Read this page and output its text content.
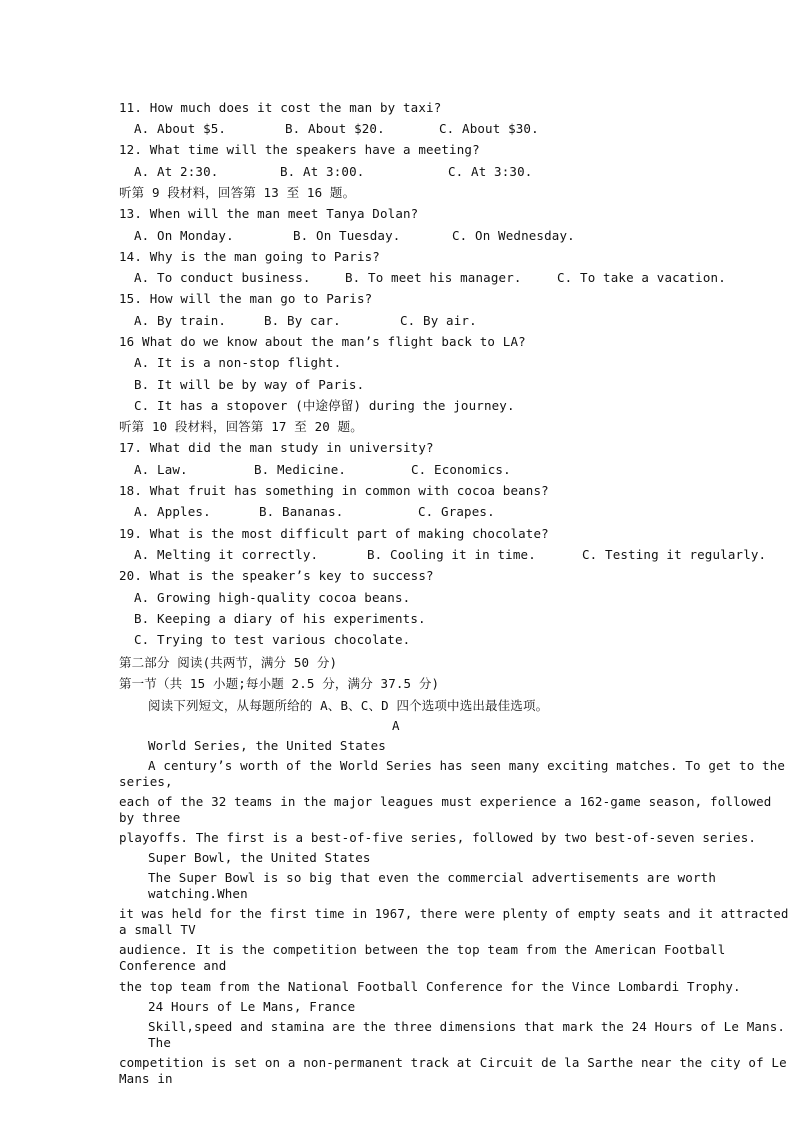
11. How much does it cost the man by taxi?
A. About $5.	B. About $20.	C. About $30.
12. What time will the speakers have a meeting?
A. At 2:30.	B. At 3:00.	C. At 3:30.
听第 9 段材料，回答第 13 至 16 题。
13. When will the man meet Tanya Dolan?
A. On Monday.	B. On Tuesday.	C. On Wednesday.
14. Why is the man going to Paris?
A. To conduct business.	B. To meet his manager.	C. To take a vacation.
15. How will the man go to Paris?
A. By train.	B. By car.	C. By air.
16 What do we know about the man’s flight back to LA?
A. It is a non-stop flight.
B. It will be by way of Paris.
C. It has a stopover (中途停留) during the journey.
听第 10 段材料，回答第 17 至 20 题。
17. What did the man study in university?
A. Law.	B. Medicine.	C. Economics.
18. What fruit has something in common with cocoa beans?
A. Apples.	B. Bananas.	C. Grapes.
19. What is the most difficult part of making chocolate?
A. Melting it correctly.	B. Cooling it in time.	C. Testing it regularly.
20. What is the speaker’s key to success?
A. Growing high-quality cocoa beans.
B. Keeping a diary of his experiments.
C. Trying to test various chocolate.
第二部分 阅读(共两节，满分 50 分)
第一节（共 15 小题;每小题 2.5 分，满分 37.5 分)
阅读下列短文，从每题所给的 A、B、C、D 四个选项中选出最佳选项。
A
World Series, the United States
A century’s worth of the World Series has seen many exciting matches. To get to the
series,
each of the 32 teams in the major leagues must experience a 162-game season, followed
by three
playoffs. The first is a best-of-five series, followed by two best-of-seven series.
Super Bowl, the United States
The Super Bowl is so big that even the commercial advertisements are worth
watching.When
it was held for the first time in 1967, there were plenty of empty seats and it attracted
a small TV
audience. It is the competition between the top team from the American Football
Conference and
the top team from the National Football Conference for the Vince Lombardi Trophy.
24 Hours of Le Mans, France
Skill,speed and stamina are the three dimensions that mark the 24 Hours of Le Mans.
The
competition is set on a non-permanent track at Circuit de la Sarthe near the city of Le
Mans in
